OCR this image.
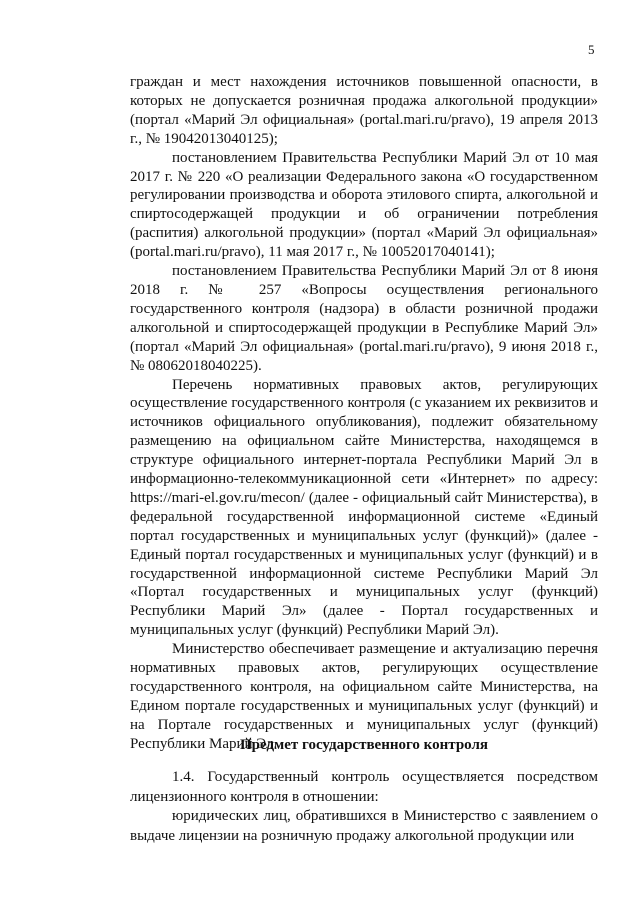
5

граждан и мест нахождения источников повышенной опасности, в которых не допускается розничная продажа алкогольной продукции» (портал «Марий Эл официальная» (portal.mari.ru/pravo), 19 апреля 2013 г., № 19042013040125);

постановлением Правительства Республики Марий Эл от 10 мая 2017 г. № 220 «О реализации Федерального закона «О государственном регулировании производства и оборота этилового спирта, алкогольной и спиртосодержащей продукции и об ограничении потребления (распития) алкогольной продукции» (портал «Марий Эл официальная» (portal.mari.ru/pravo), 11 мая 2017 г., № 10052017040141);

постановлением Правительства Республики Марий Эл от 8 июня 2018 г. № 257 «Вопросы осуществления регионального государственного контроля (надзора) в области розничной продажи алкогольной и спиртосодержащей продукции в Республике Марий Эл» (портал «Марий Эл официальная» (portal.mari.ru/pravo), 9 июня 2018 г., № 08062018040225).

Перечень нормативных правовых актов, регулирующих осуществление государственного контроля (с указанием их реквизитов и источников официального опубликования), подлежит обязательному размещению на официальном сайте Министерства, находящемся в структуре официального интернет-портала Республики Марий Эл в информационно-телекоммуникационной сети «Интернет» по адресу: https://mari-el.gov.ru/mecon/ (далее - официальный сайт Министерства), в федеральной государственной информационной системе «Единый портал государственных и муниципальных услуг (функций)» (далее - Единый портал государственных и муниципальных услуг (функций) и в государственной информационной системе Республики Марий Эл «Портал государственных и муниципальных услуг (функций) Республики Марий Эл» (далее - Портал государственных и муниципальных услуг (функций) Республики Марий Эл).

Министерство обеспечивает размещение и актуализацию перечня нормативных правовых актов, регулирующих осуществление государственного контроля, на официальном сайте Министерства, на Едином портале государственных и муниципальных услуг (функций) и на Портале государственных и муниципальных услуг (функций) Республики Марий Эл.

Предмет государственного контроля

1.4. Государственный контроль осуществляется посредством лицензионного контроля в отношении:

юридических лиц, обратившихся в Министерство с заявлением о выдаче лицензии на розничную продажу алкогольной продукции или
